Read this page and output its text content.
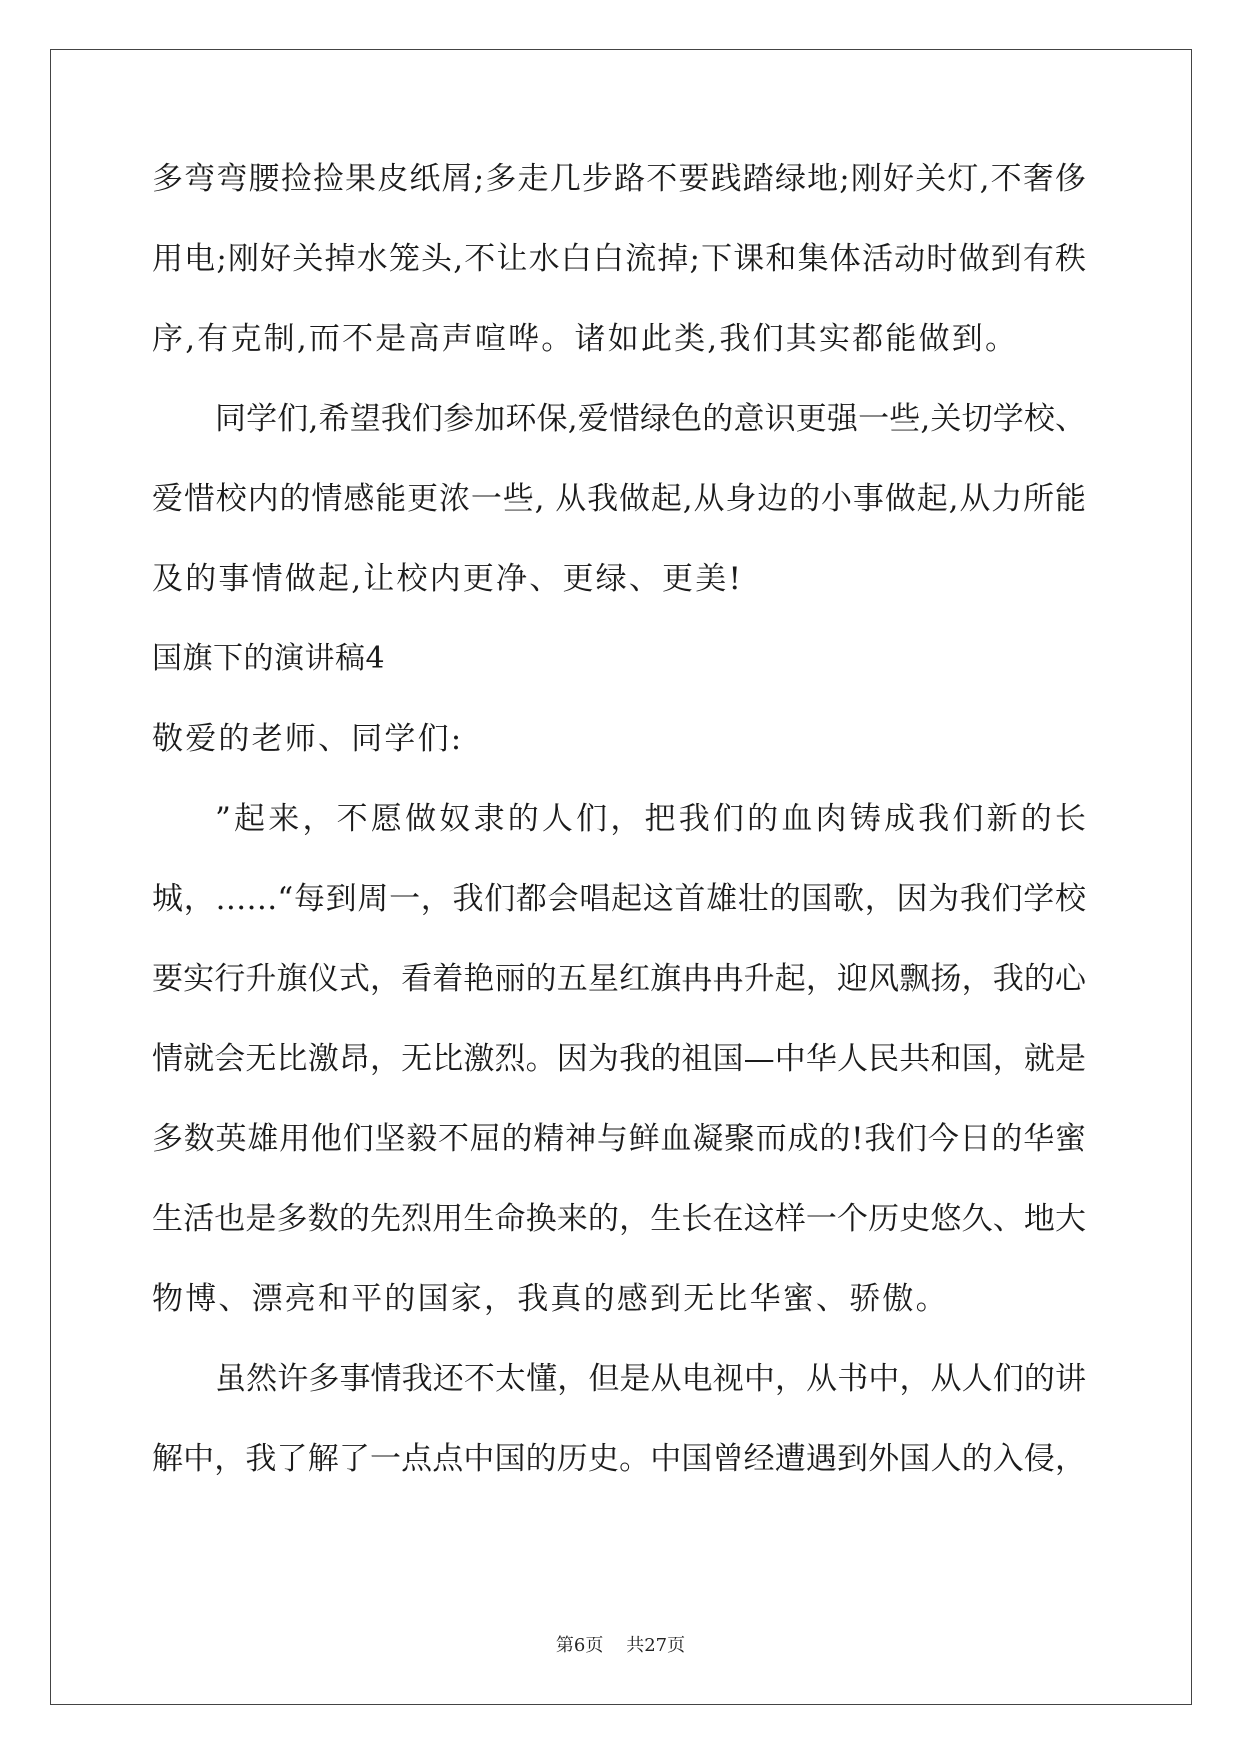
多弯弯腰捡捡果皮纸屑;多走几步路不要践踏绿地;刚好关灯,不奢侈
用电;刚好关掉水笼头,不让水白白流掉;下课和集体活动时做到有秩
序,有克制,而不是高声喧哗。诸如此类,我们其实都能做到。
同学们,希望我们参加环保,爱惜绿色的意识更强一些,关切学校、
爱惜校内的情感能更浓一些, 从我做起,从身边的小事做起,从力所能
及的事情做起,让校内更净、更绿、更美!
国旗下的演讲稿4
敬爱的老师、同学们:
”起来，不愿做奴隶的人们，把我们的血肉铸成我们新的长
城，……“每到周一，我们都会唱起这首雄壮的国歌，因为我们学校
要实行升旗仪式，看着艳丽的五星红旗冉冉升起，迎风飘扬，我的心
情就会无比激昂，无比激烈。因为我的祖国—中华人民共和国，就是
多数英雄用他们坚毅不屈的精神与鲜血凝聚而成的!我们今日的华蜜
生活也是多数的先烈用生命换来的，生长在这样一个历史悠久、地大
物博、漂亮和平的国家，我真的感到无比华蜜、骄傲。
虽然许多事情我还不太懂，但是从电视中，从书中，从人们的讲
解中，我了解了一点点中国的历史。中国曾经遭遇到外国人的入侵，
第6页 共27页
